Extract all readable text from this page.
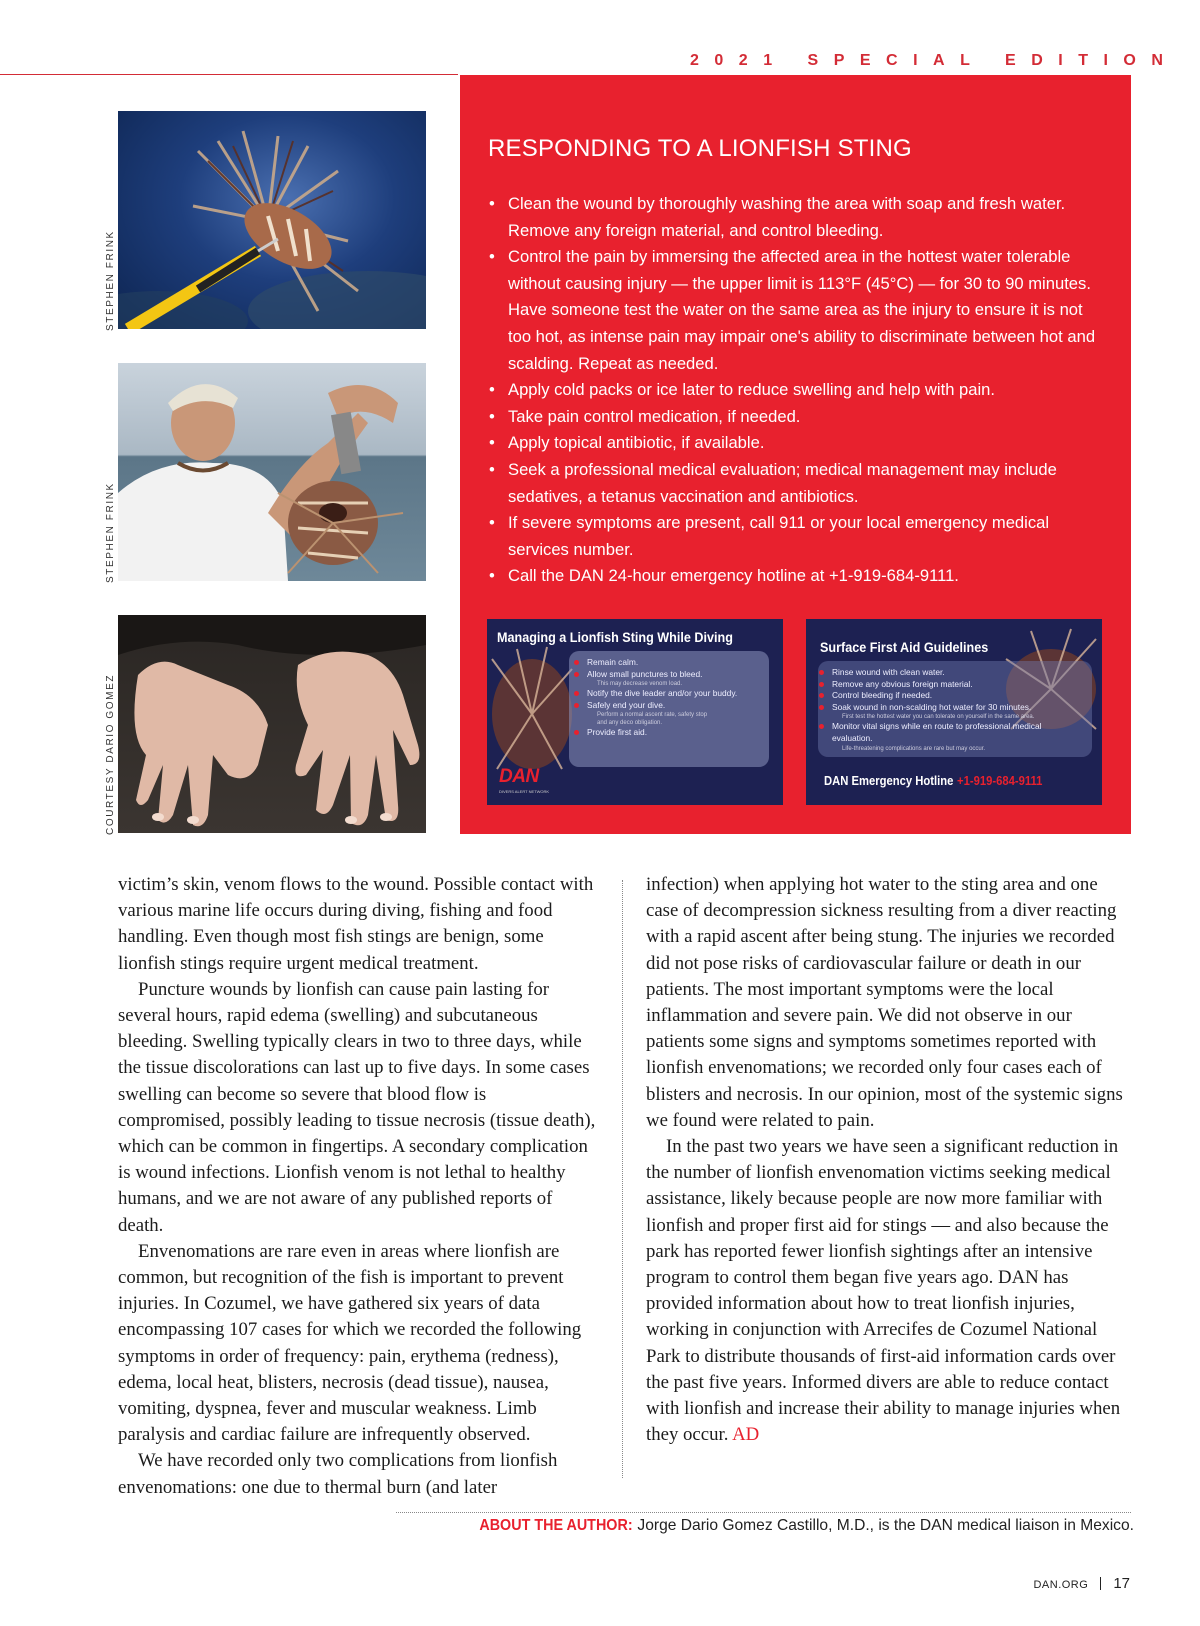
2021 SPECIAL EDITION
STEPHEN FRINK
STEPHEN FRINK
COURTESY DARIO GOMEZ
RESPONDING TO A LIONFISH STING
• Clean the wound by thoroughly washing the area with soap and fresh water. Remove any foreign material, and control bleeding.
• Control the pain by immersing the affected area in the hottest water tolerable without causing injury — the upper limit is 113°F (45°C) — for 30 to 90 minutes. Have someone test the water on the same area as the injury to ensure it is not too hot, as intense pain may impair one's ability to discriminate between hot and scalding. Repeat as needed.
• Apply cold packs or ice later to reduce swelling and help with pain.
• Take pain control medication, if needed.
• Apply topical antibiotic, if available.
• Seek a professional medical evaluation; medical management may include sedatives, a tetanus vaccination and antibiotics.
• If severe symptoms are present, call 911 or your local emergency medical services number.
• Call the DAN 24-hour emergency hotline at +1-919-684-9111.
Managing a Lionfish Sting While Diving
Remain calm.
Allow small punctures to bleed.
This may decrease venom load.
Notify the dive leader and/or your buddy.
Safely end your dive.
Perform a normal ascent rate, safety stop
and any deco obligation.
Provide first aid.
DAN
DIVERS ALERT NETWORK
Surface First Aid Guidelines
Rinse wound with clean water.
Remove any obvious foreign material.
Control bleeding if needed.
Soak wound in non-scalding hot water for 30 minutes.
First test the hottest water you can tolerate on yourself in the same area.
Monitor vital signs while en route to professional medical
evaluation.
Life-threatening complications are rare but may occur.
DAN Emergency Hotline +1-919-684-9111

victim’s skin, venom flows to the wound. Possible contact with various marine life occurs during diving, fishing and food handling. Even though most fish stings are benign, some lionfish stings require urgent medical treatment.

Puncture wounds by lionfish can cause pain lasting for several hours, rapid edema (swelling) and subcutaneous bleeding. Swelling typically clears in two to three days, while the tissue discolorations can last up to five days. In some cases swelling can become so severe that blood flow is compromised, possibly leading to tissue necrosis (tissue death), which can be common in fingertips. A secondary complication is wound infections. Lionfish venom is not lethal to healthy humans, and we are not aware of any published reports of death.

Envenomations are rare even in areas where lionfish are common, but recognition of the fish is important to prevent injuries. In Cozumel, we have gathered six years of data encompassing 107 cases for which we recorded the following symptoms in order of frequency: pain, erythema (redness), edema, local heat, blisters, necrosis (dead tissue), nausea, vomiting, dyspnea, fever and muscular weakness. Limb paralysis and cardiac failure are infrequently observed.

We have recorded only two complications from lionfish envenomations: one due to thermal burn (and later

infection) when applying hot water to the sting area and one case of decompression sickness resulting from a diver reacting with a rapid ascent after being stung. The injuries we recorded did not pose risks of cardiovascular failure or death in our patients. The most important symptoms were the local inflammation and severe pain. We did not observe in our patients some signs and symptoms sometimes reported with lionfish envenomations; we recorded only four cases each of blisters and necrosis. In our opinion, most of the systemic signs we found were related to pain.

In the past two years we have seen a significant reduction in the number of lionfish envenomation victims seeking medical assistance, likely because people are now more familiar with lionfish and proper first aid for stings — and also because the park has reported fewer lionfish sightings after an intensive program to control them began five years ago. DAN has provided information about how to treat lionfish injuries, working in conjunction with Arrecifes de Cozumel National Park to distribute thousands of first-aid information cards over the past five years. Informed divers are able to reduce contact with lionfish and increase their ability to manage injuries when they occur. AD

ABOUT THE AUTHOR: Jorge Dario Gomez Castillo, M.D., is the DAN medical liaison in Mexico.
DAN.ORG 17
